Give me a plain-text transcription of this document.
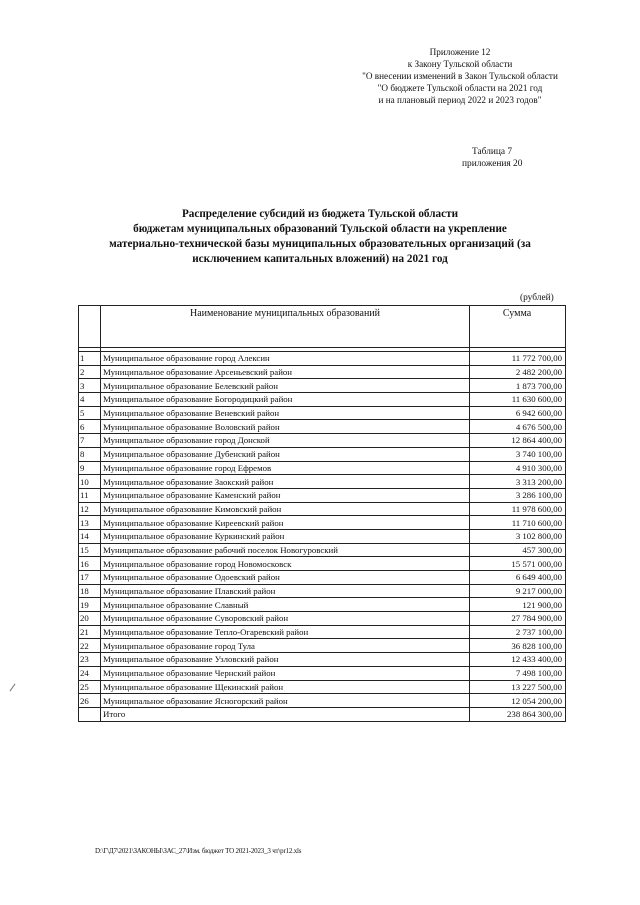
Приложение 12
к Закону Тульской области
"О внесении изменений в Закон Тульской области
"О бюджете Тульской области на 2021 год
и на плановый период 2022 и 2023 годов"
Таблица 7
приложения 20
Распределение субсидий из бюджета Тульской области
бюджетам муниципальных образований Тульской области на укрепление
материально-технической базы муниципальных образовательных организаций (за
исключением капитальных вложений) на 2021 год
(рублей)
	Наименование муниципальных образований	Сумма

1	Муниципальное образование город Алексин	11 772 700,00
2	Муниципальное образование Арсеньевский район	2 482 200,00
3	Муниципальное образование Белевский район	1 873 700,00
4	Муниципальное образование Богородицкий район	11 630 600,00
5	Муниципальное образование Веневский район	6 942 600,00
6	Муниципальное образование Воловский район	4 676 500,00
7	Муниципальное образование город Донской	12 864 400,00
8	Муниципальное образование Дубенский район	3 740 100,00
9	Муниципальное образование город Ефремов	4 910 300,00
10	Муниципальное образование Заокский район	3 313 200,00
11	Муниципальное образование Каменский район	3 286 100,00
12	Муниципальное образование Кимовский район	11 978 600,00
13	Муниципальное образование Киреевский район	11 710 600,00
14	Муниципальное образование Куркинский район	3 102 800,00
15	Муниципальное образование рабочий поселок Новогуровский	457 300,00
16	Муниципальное образование город Новомосковск	15 571 000,00
17	Муниципальное образование Одоевский район	6 649 400,00
18	Муниципальное образование Плавский район	9 217 000,00
19	Муниципальное образование Славный	121 900,00
20	Муниципальное образование Суворовский район	27 784 900,00
21	Муниципальное образование Тепло-Огаревский район	2 737 100,00
22	Муниципальное образование город Тула	36 828 100,00
23	Муниципальное образование Узловский район	12 433 400,00
24	Муниципальное образование Чернский район	7 498 100,00
25	Муниципальное образование Щекинский район	13 227 500,00
26	Муниципальное образование Ясногорский район	12 054 200,00
	Итого	238 864 300,00
D:\Г\Д7\2021\ЗАКОНЫ\ЗАС_27\Изм. бюджет ТО 2021-2023_3 чт\pr12.xls
